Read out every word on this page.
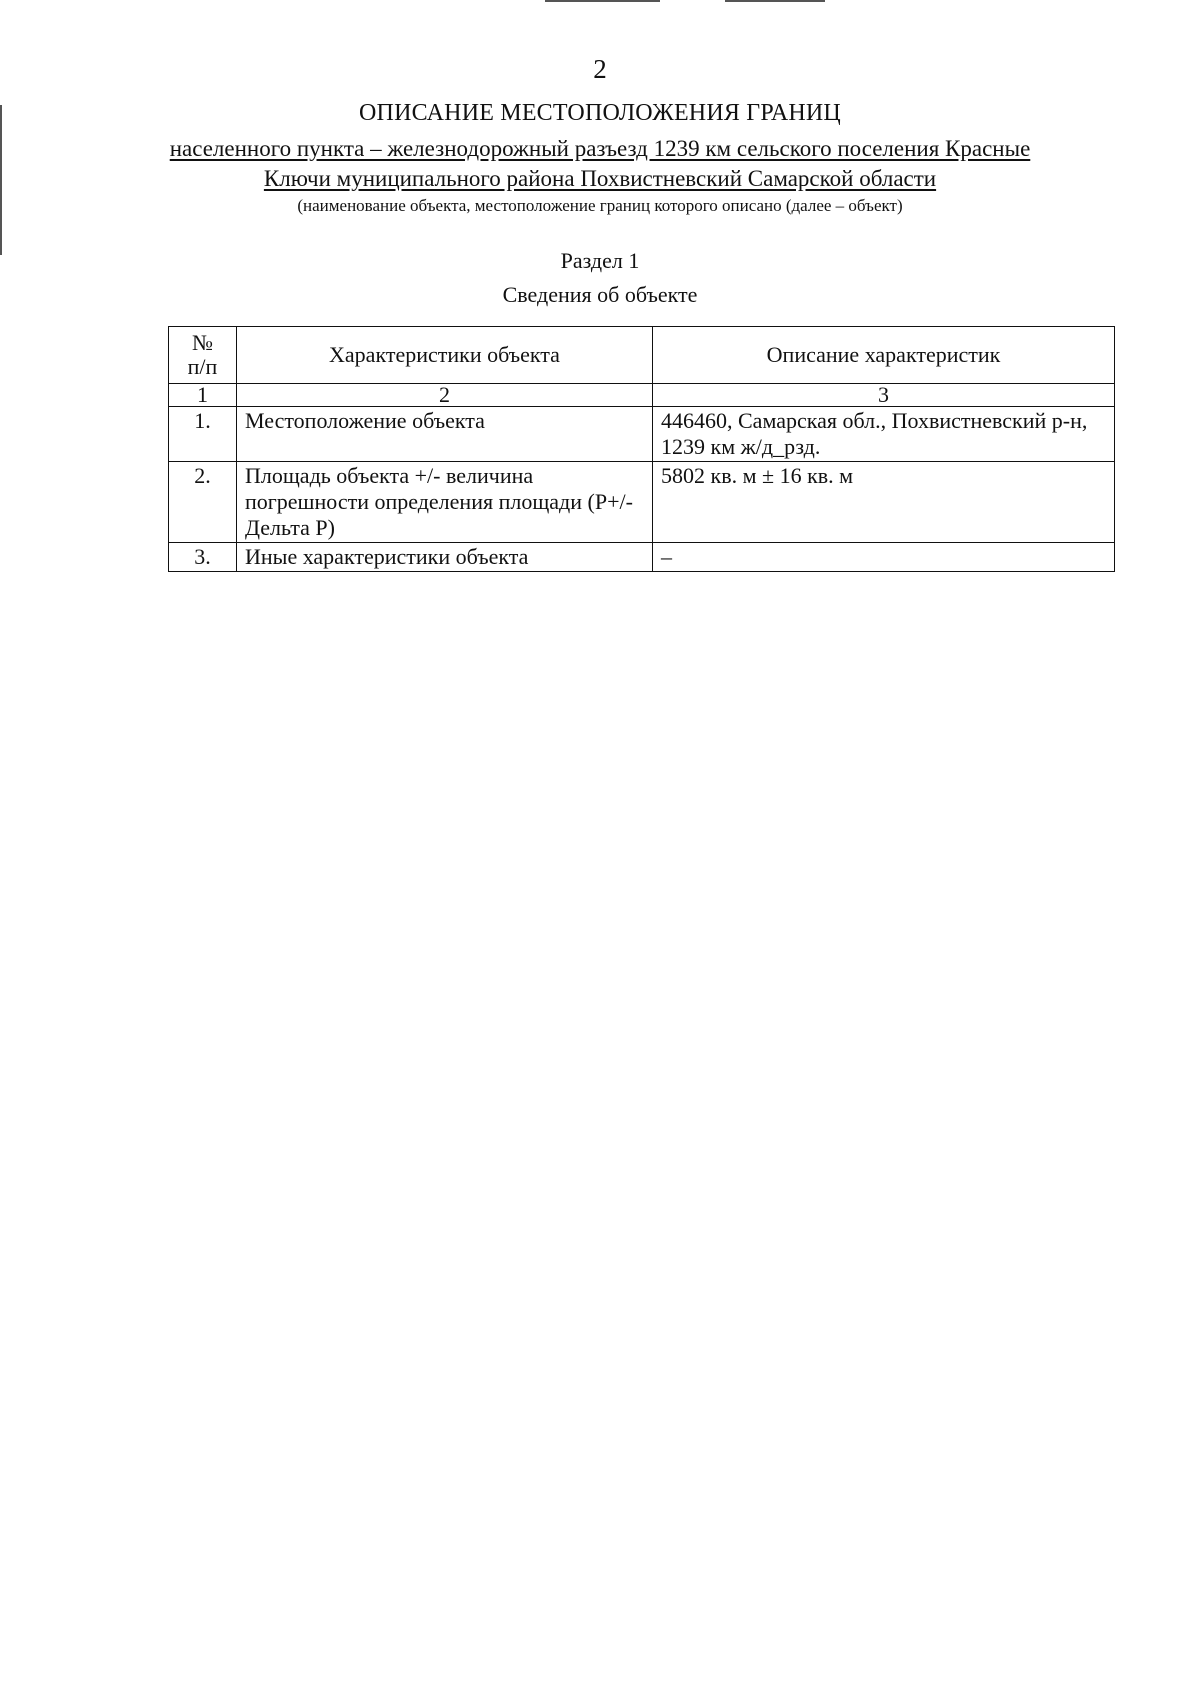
2
ОПИСАНИЕ МЕСТОПОЛОЖЕНИЯ ГРАНИЦ
населенного пункта – железнодорожный разъезд 1239 км сельского поселения Красные
Ключи муниципального района Похвистневский Самарской области
(наименование объекта, местоположение границ которого описано (далее – объект)
Раздел 1
Сведения об объекте
№
п/п	Характеристики объекта	Описание характеристик
1	2	3
1.	Местоположение объекта	446460, Самарская обл., Похвистневский р-н, 1239 км ж/д_рзд.
2.	Площадь объекта +/- величина погрешности определения площади (Р+/- Дельта Р)	5802 кв. м ± 16 кв. м
3.	Иные характеристики объекта	–
